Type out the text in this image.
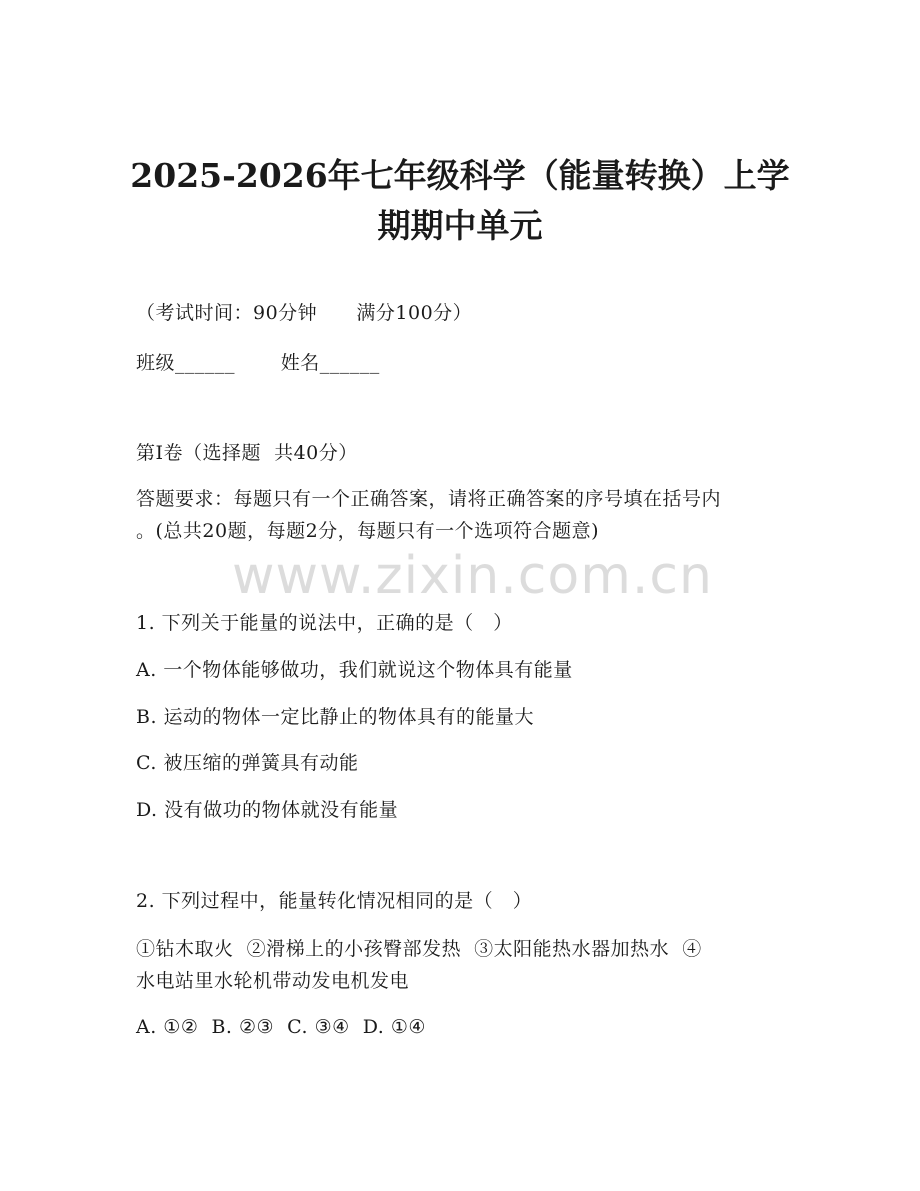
2025-2026年七年级科学（能量转换）上学
期期中单元
（考试时间：90分钟      满分100分）
班级______       姓名______
第I卷（选择题  共40分）
答题要求：每题只有一个正确答案，请将正确答案的序号填在括号内
。(总共20题，每题2分，每题只有一个选项符合题意)
www.zixin.com.cn
1. 下列关于能量的说法中，正确的是（   ）
A. 一个物体能够做功，我们就说这个物体具有能量
B. 运动的物体一定比静止的物体具有的能量大
C. 被压缩的弹簧具有动能
D. 没有做功的物体就没有能量
2. 下列过程中，能量转化情况相同的是（   ）
①钻木取火  ②滑梯上的小孩臀部发热  ③太阳能热水器加热水  ④
水电站里水轮机带动发电机发电
A. ①②  B. ②③  C. ③④  D. ①④
